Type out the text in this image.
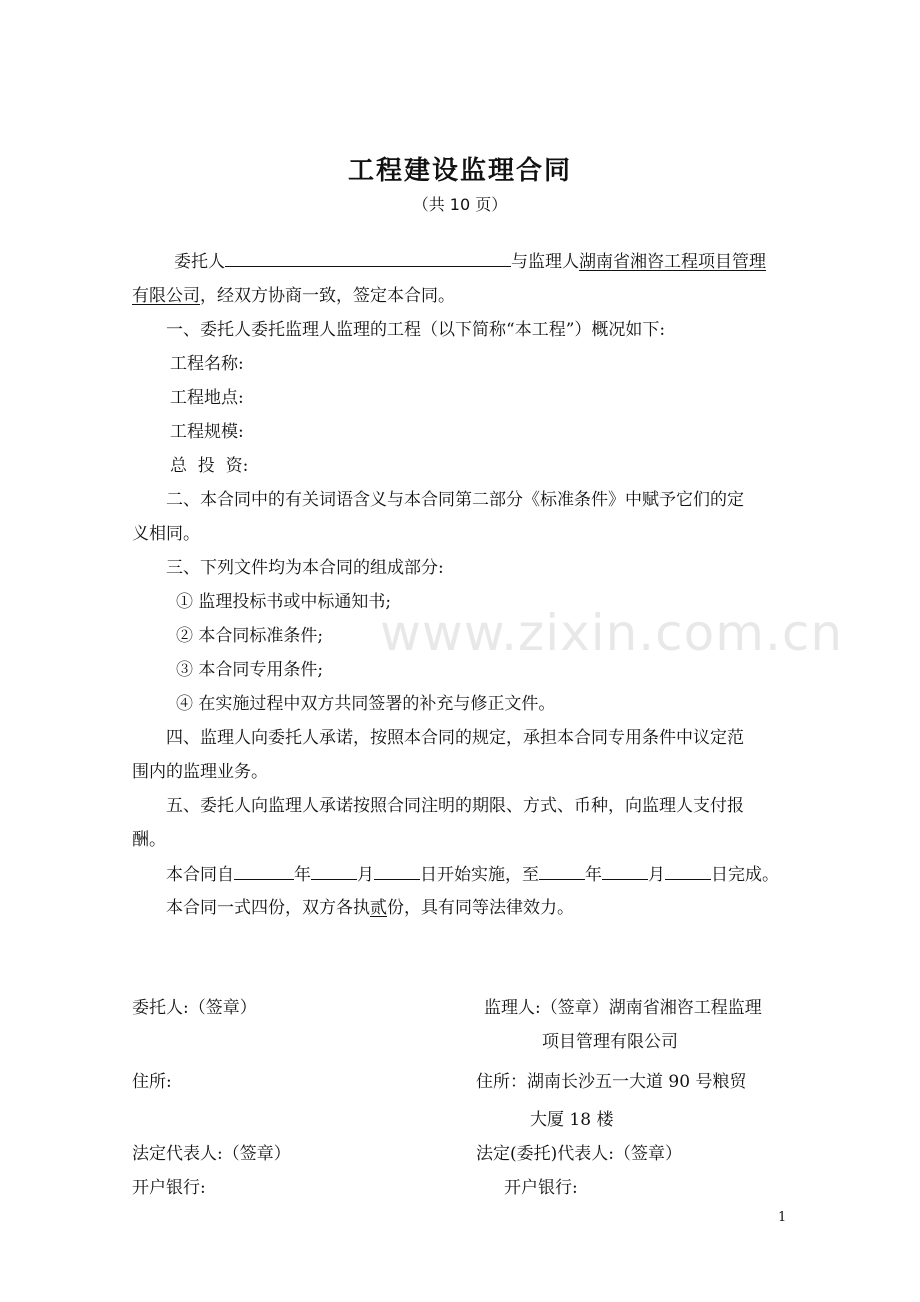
工程建设监理合同
（共 10 页）
委托人	与监理人湖南省湘咨工程项目管理
有限公司，经双方协商一致，签定本合同。
一、委托人委托监理人监理的工程（以下简称“本工程”）概况如下:
工程名称:
工程地点:
工程规模:
总  投  资:
二、本合同中的有关词语含义与本合同第二部分《标准条件》中赋予它们的定
义相同。
三、下列文件均为本合同的组成部分:
① 监理投标书或中标通知书;
② 本合同标准条件;
③ 本合同专用条件;
④ 在实施过程中双方共同签署的补充与修正文件。
四、监理人向委托人承诺，按照本合同的规定，承担本合同专用条件中议定范
围内的监理业务。
五、委托人向监理人承诺按照合同注明的期限、方式、币种，向监理人支付报
酬。
本合同自	年	月	日开始实施，至	年	月	日完成。
本合同一式四份，双方各执贰份，具有同等法律效力。
委托人:（签章）	监理人:（签章）湖南省湘咨工程监理
项目管理有限公司
住所:	住所：湖南长沙五一大道 90 号粮贸
大厦 18 楼
法定代表人:（签章）	法定(委托)代表人:（签章）
开户银行:	开户银行:
www.zixin.com.cn
1
